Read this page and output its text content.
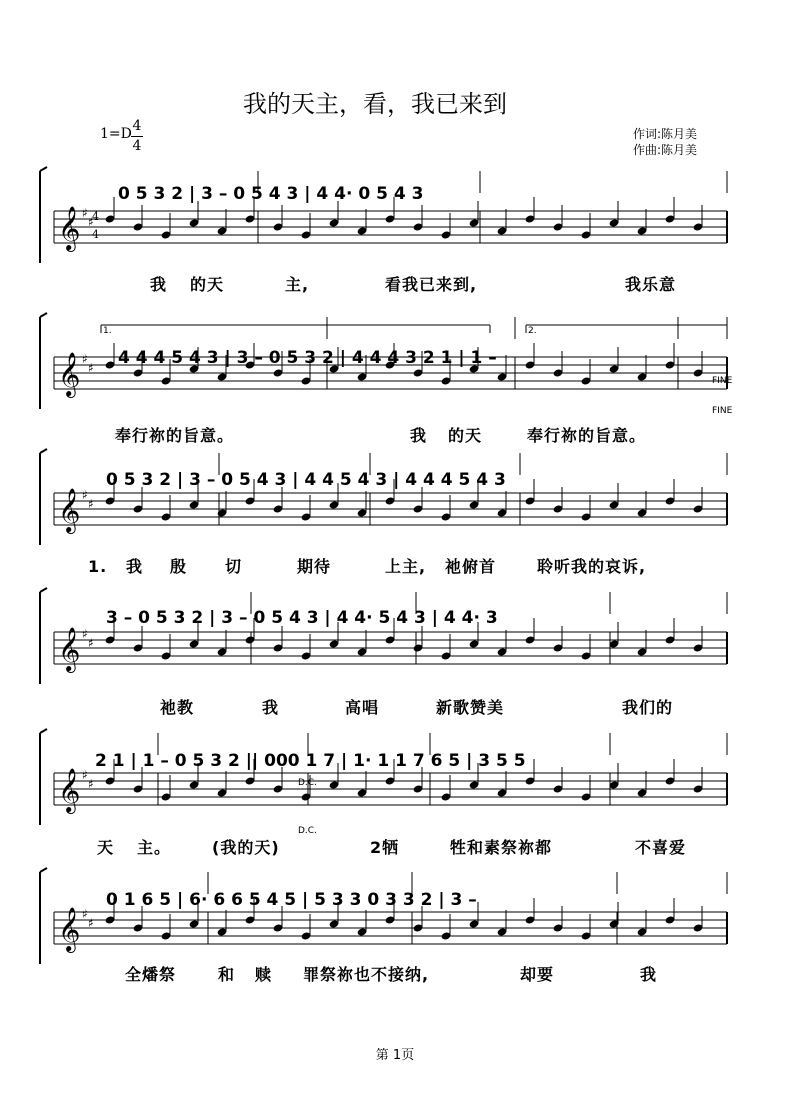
我的天主，看，我已来到
1=D 4
4
作词:陈月美
作曲:陈月美
𝄞 ♯
♯
𝄞 ♯
♯
𝄞 ♯
♯
𝄞 ♯
♯
𝄞 ♯
♯
𝄞 ♯
♯
4
4
0 5 3 2 | 3 – 0 5 4 3 | 4 4· 0 5 4 3
我 的天	主,	看我已来到,	我乐意
4 4 4 5 4 3 | 3 – 0 5 3 2 | 4 4 4 3 2 1 | 1 –
奉行祢的旨意。	我 的天	奉行祢的旨意。
1.	2.
FINE
FINE
0 5 3 2 | 3 – 0 5 4 3 | 4 4 5 4 3 | 4 4 4 5 4 3
1. 我 殷 切	期待	上主, 祂俯首	聆听我的哀诉,
3 – 0 5 3 2 | 3 – 0 5 4 3 | 4 4· 5 4 3 | 4 4· 3
祂教	我	高唱	新歌赞美	我们的
2 1 | 1 – 0 5 3 2 || 000 1 7 | 1· 1 1 7 6 5 | 3 5 5
天 主。	(我的天)	2牺	牲和素祭祢都	不喜爱
D.C.
D.C.
0 1 6 5 | 6· 6 6 5 4 5 | 5 3 3 0 3 3 2 | 3 –
全燔祭	和 赎 罪祭祢也不接纳,	却要	我
第 1页
